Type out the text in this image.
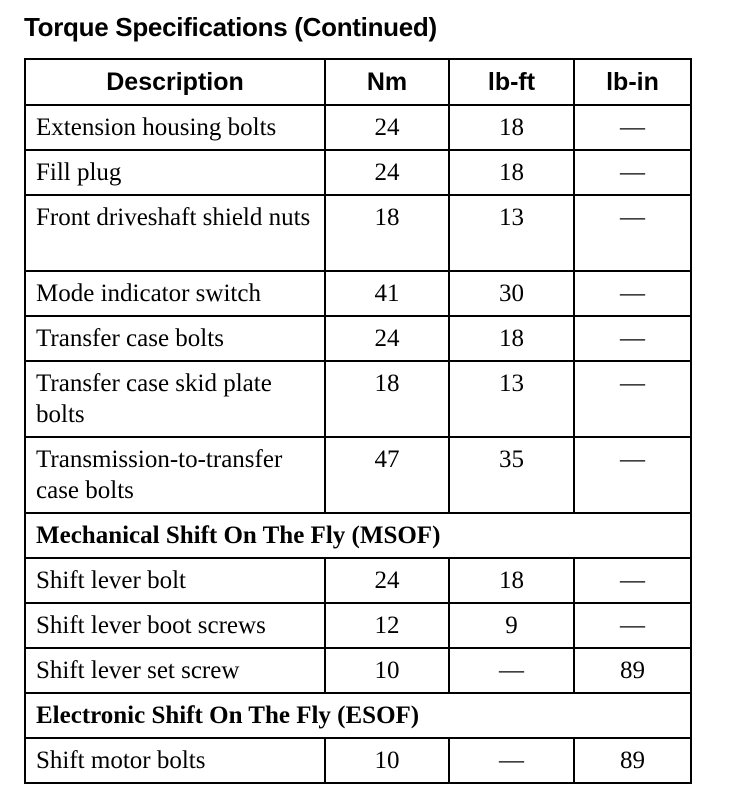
Torque Specifications (Continued)
Description	Nm	lb-ft	lb-in
Extension housing bolts	24	18	—
Fill plug	24	18	—
Front driveshaft shield nuts	18	13	—
Mode indicator switch	41	30	—
Transfer case bolts	24	18	—
Transfer case skid plate bolts	18	13	—
Transmission-to-transfer case bolts	47	35	—
Mechanical Shift On The Fly (MSOF)			
Shift lever bolt	24	18	—
Shift lever boot screws	12	9	—
Shift lever set screw	10	—	89
Electronic Shift On The Fly (ESOF)			
Shift motor bolts	10	—	89
